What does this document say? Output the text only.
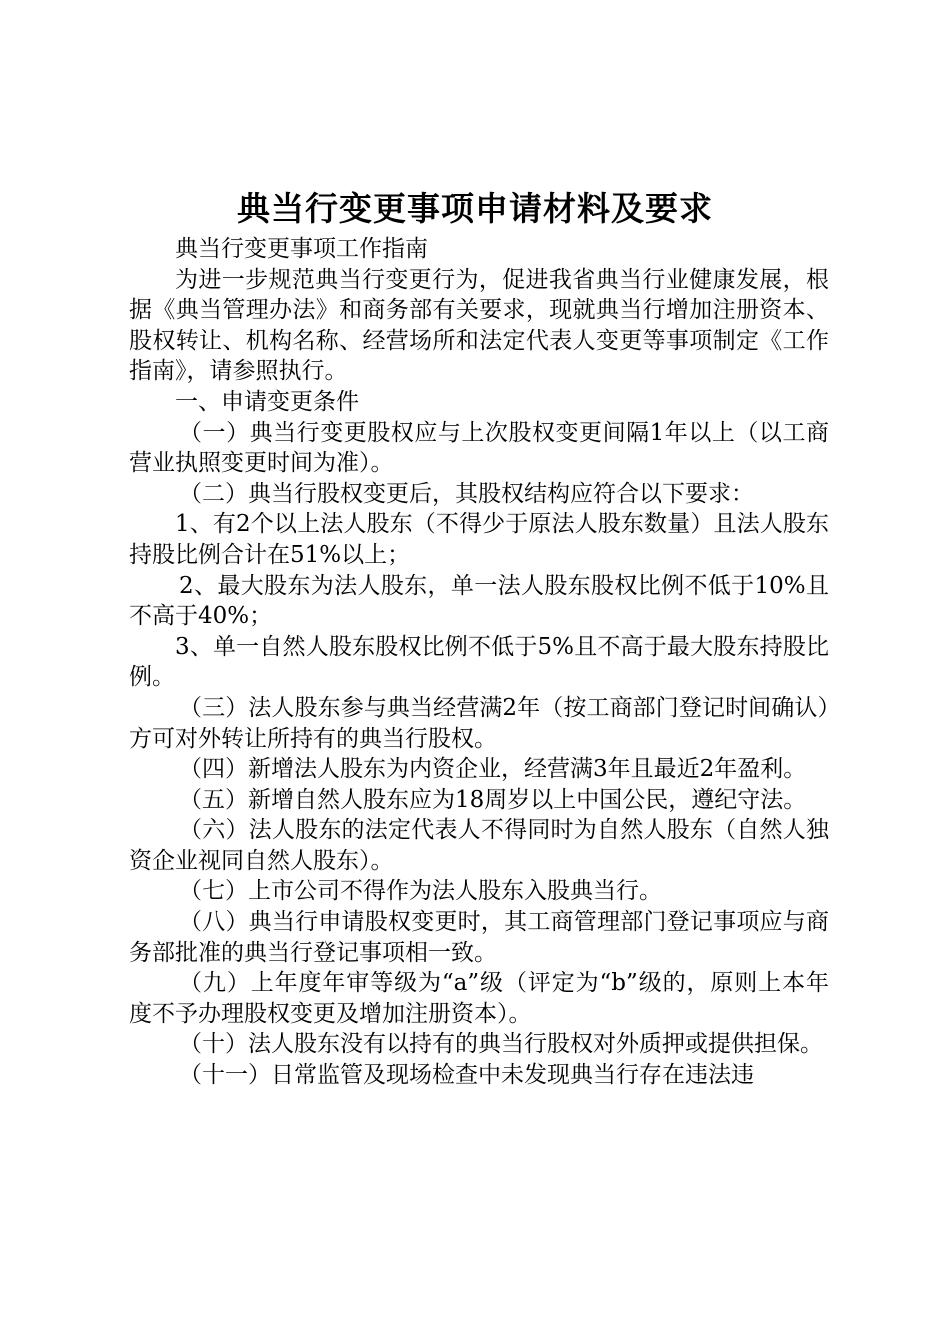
典当行变更事项申请材料及要求

典当行变更事项工作指南

为进一步规范典当行变更行为，促进我省典当行业健康发展，根据《典当管理办法》和商务部有关要求，现就典当行增加注册资本、股权转让、机构名称、经营场所和法定代表人变更等事项制定《工作指南》，请参照执行。

一、申请变更条件

（一）典当行变更股权应与上次股权变更间隔1年以上（以工商营业执照变更时间为准）。

（二）典当行股权变更后，其股权结构应符合以下要求：

1、有2个以上法人股东（不得少于原法人股东数量）且法人股东持股比例合计在51%以上；

2、最大股东为法人股东，单一法人股东股权比例不低于10%且不高于40%；

3、单一自然人股东股权比例不低于5%且不高于最大股东持股比例。

（三）法人股东参与典当经营满2年（按工商部门登记时间确认）方可对外转让所持有的典当行股权。

（四）新增法人股东为内资企业，经营满3年且最近2年盈利。

（五）新增自然人股东应为18周岁以上中国公民，遵纪守法。

（六）法人股东的法定代表人不得同时为自然人股东（自然人独资企业视同自然人股东）。

（七）上市公司不得作为法人股东入股典当行。

（八）典当行申请股权变更时，其工商管理部门登记事项应与商务部批准的典当行登记事项相一致。

（九）上年度年审等级为“a”级（评定为“b”级的，原则上本年度不予办理股权变更及增加注册资本）。

（十）法人股东没有以持有的典当行股权对外质押或提供担保。

（十一）日常监管及现场检查中未发现典当行存在违法违
